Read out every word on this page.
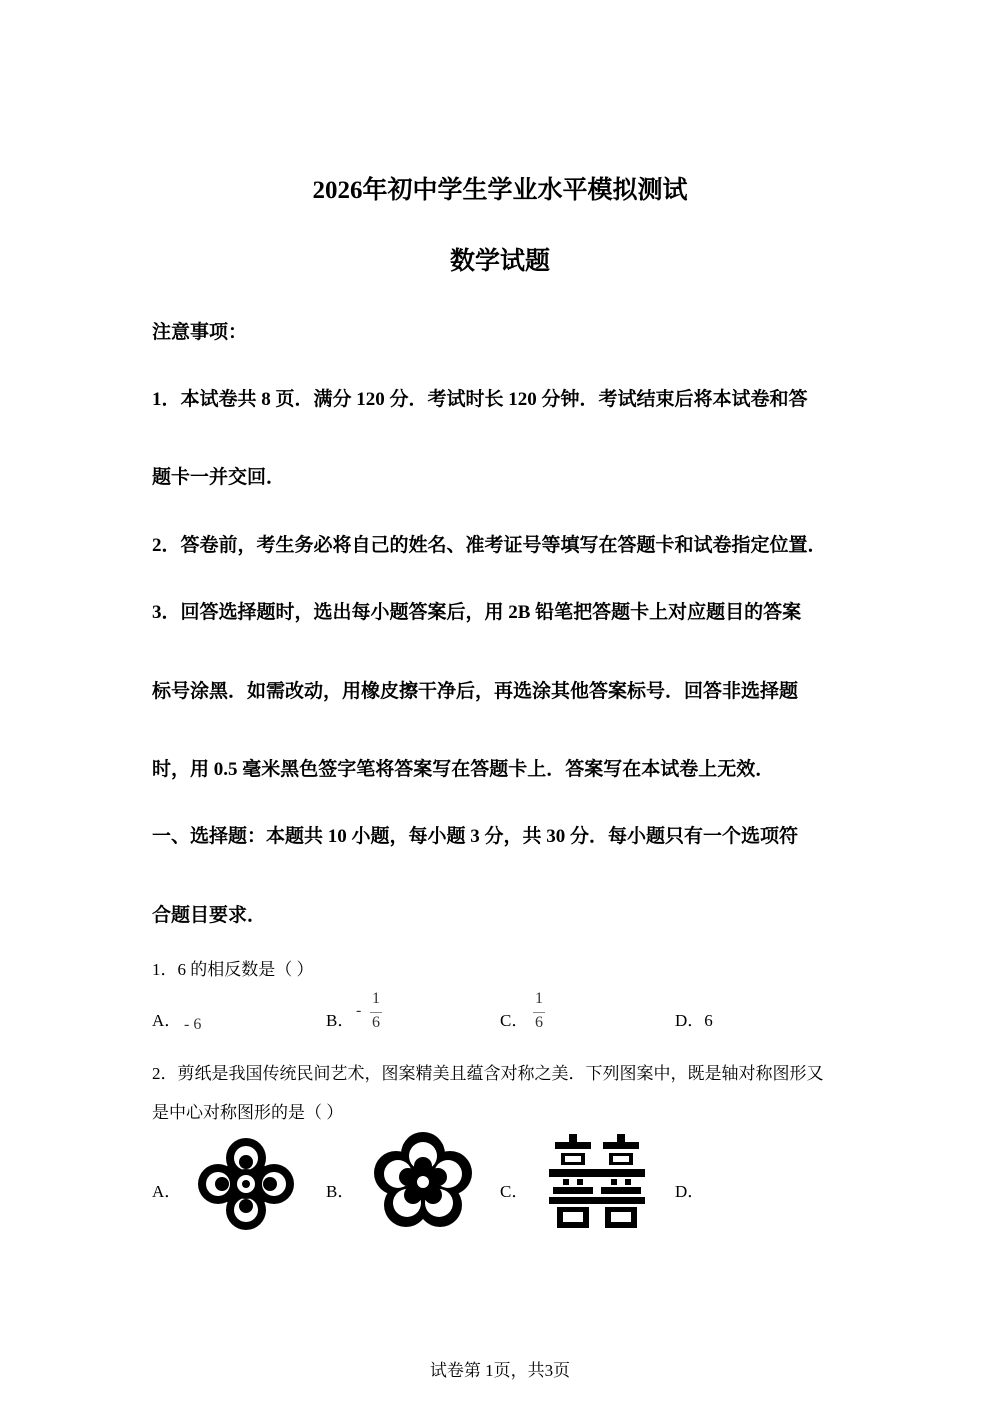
2026年初中学生学业水平模拟测试
数学试题
注意事项：
1．本试卷共 8 页．满分 120 分．考试时长 120 分钟．考试结束后将本试卷和答
题卡一并交回．
2．答卷前，考生务必将自己的姓名、准考证号等填写在答题卡和试卷指定位置．
3．回答选择题时，选出每小题答案后，用 2B 铅笔把答题卡上对应题目的答案
标号涂黑．如需改动，用橡皮擦干净后，再选涂其他答案标号．回答非选择题
时，用 0.5 毫米黑色签字笔将答案写在答题卡上．答案写在本试卷上无效．
一、选择题：本题共 10 小题，每小题 3 分，共 30 分．每小题只有一个选项符
合题目要求．
1．6 的相反数是（ ）
A． - 6	B．
-
1
6	C．
1
6	D．6
2．剪纸是我国传统民间艺术，图案精美且蕴含对称之美．下列图案中，既是轴对称图形又
是中心对称图形的是（ ）
A．	B．	C．	D．
试卷第 1页，共3页
